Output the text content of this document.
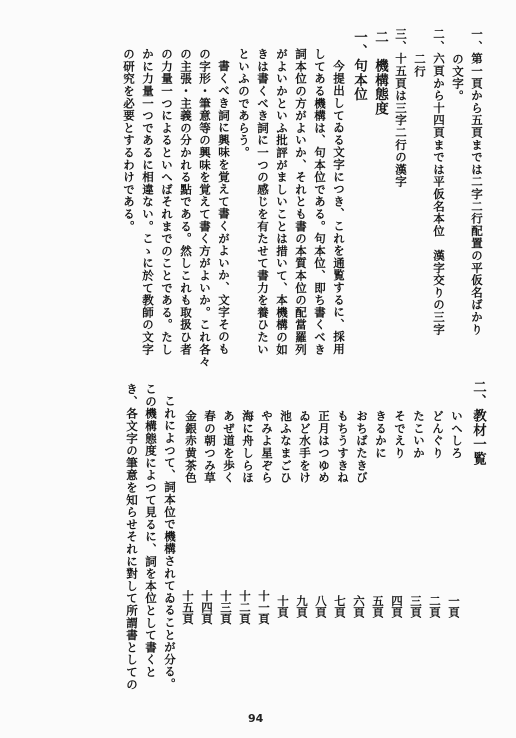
一、第一頁から五頁までは二字二行配置の平仮名ばかり
の文字。
二、六頁から十四頁までは平仮名本位　漢字交りの三字
二行
三、十五頁は三字二行の漢字
二　機構態度
一、句本位
今提出してゐる文字につき、これを通覧するに、採用
してある機構は、句本位である。句本位、即ち書くべき
詞本位の方がよいか、それとも書の本質本位の配當羅列
がよいかといふ批評がましいことは措いて、本機構の如
きは書くべき詞に一つの感じを有たせて書力を養ひたい
といふのであらう。
書くべき詞に興味を覚えて書くがよいか、文字そのも
の字形・筆意等の興味を覚えて書く方がよいか。これ各々
の主張・主義の分かれる點である。然しこれも取扱ひ者
の力量一つによるといへばそれまでのことである。たし
かに力量一つであるに相違ない。こゝに於て教師の文字
の研究を必要とするわけである。
二、教材一覧
いへしろ
一頁
どんぐり
二頁
たこいか
三頁
そでえり
四頁
きるかに
五頁
おちばたきび
六頁
もちうすきね
七頁
正月はつゆめ
八頁
ゐど水手をけ
九頁
池ふなまごひ
十頁
やみよ星ぞら
十一頁
海に舟しらほ
十二頁
あぜ道を歩く
十三頁
春の朝つみ草
十四頁
金銀赤黄茶色
十五頁
これによつて、詞本位で機構されてゐることが分る。
この機構態度によつて見るに、詞を本位として書くと
き、各文字の筆意を知らせそれに對して所謂書としての
94
